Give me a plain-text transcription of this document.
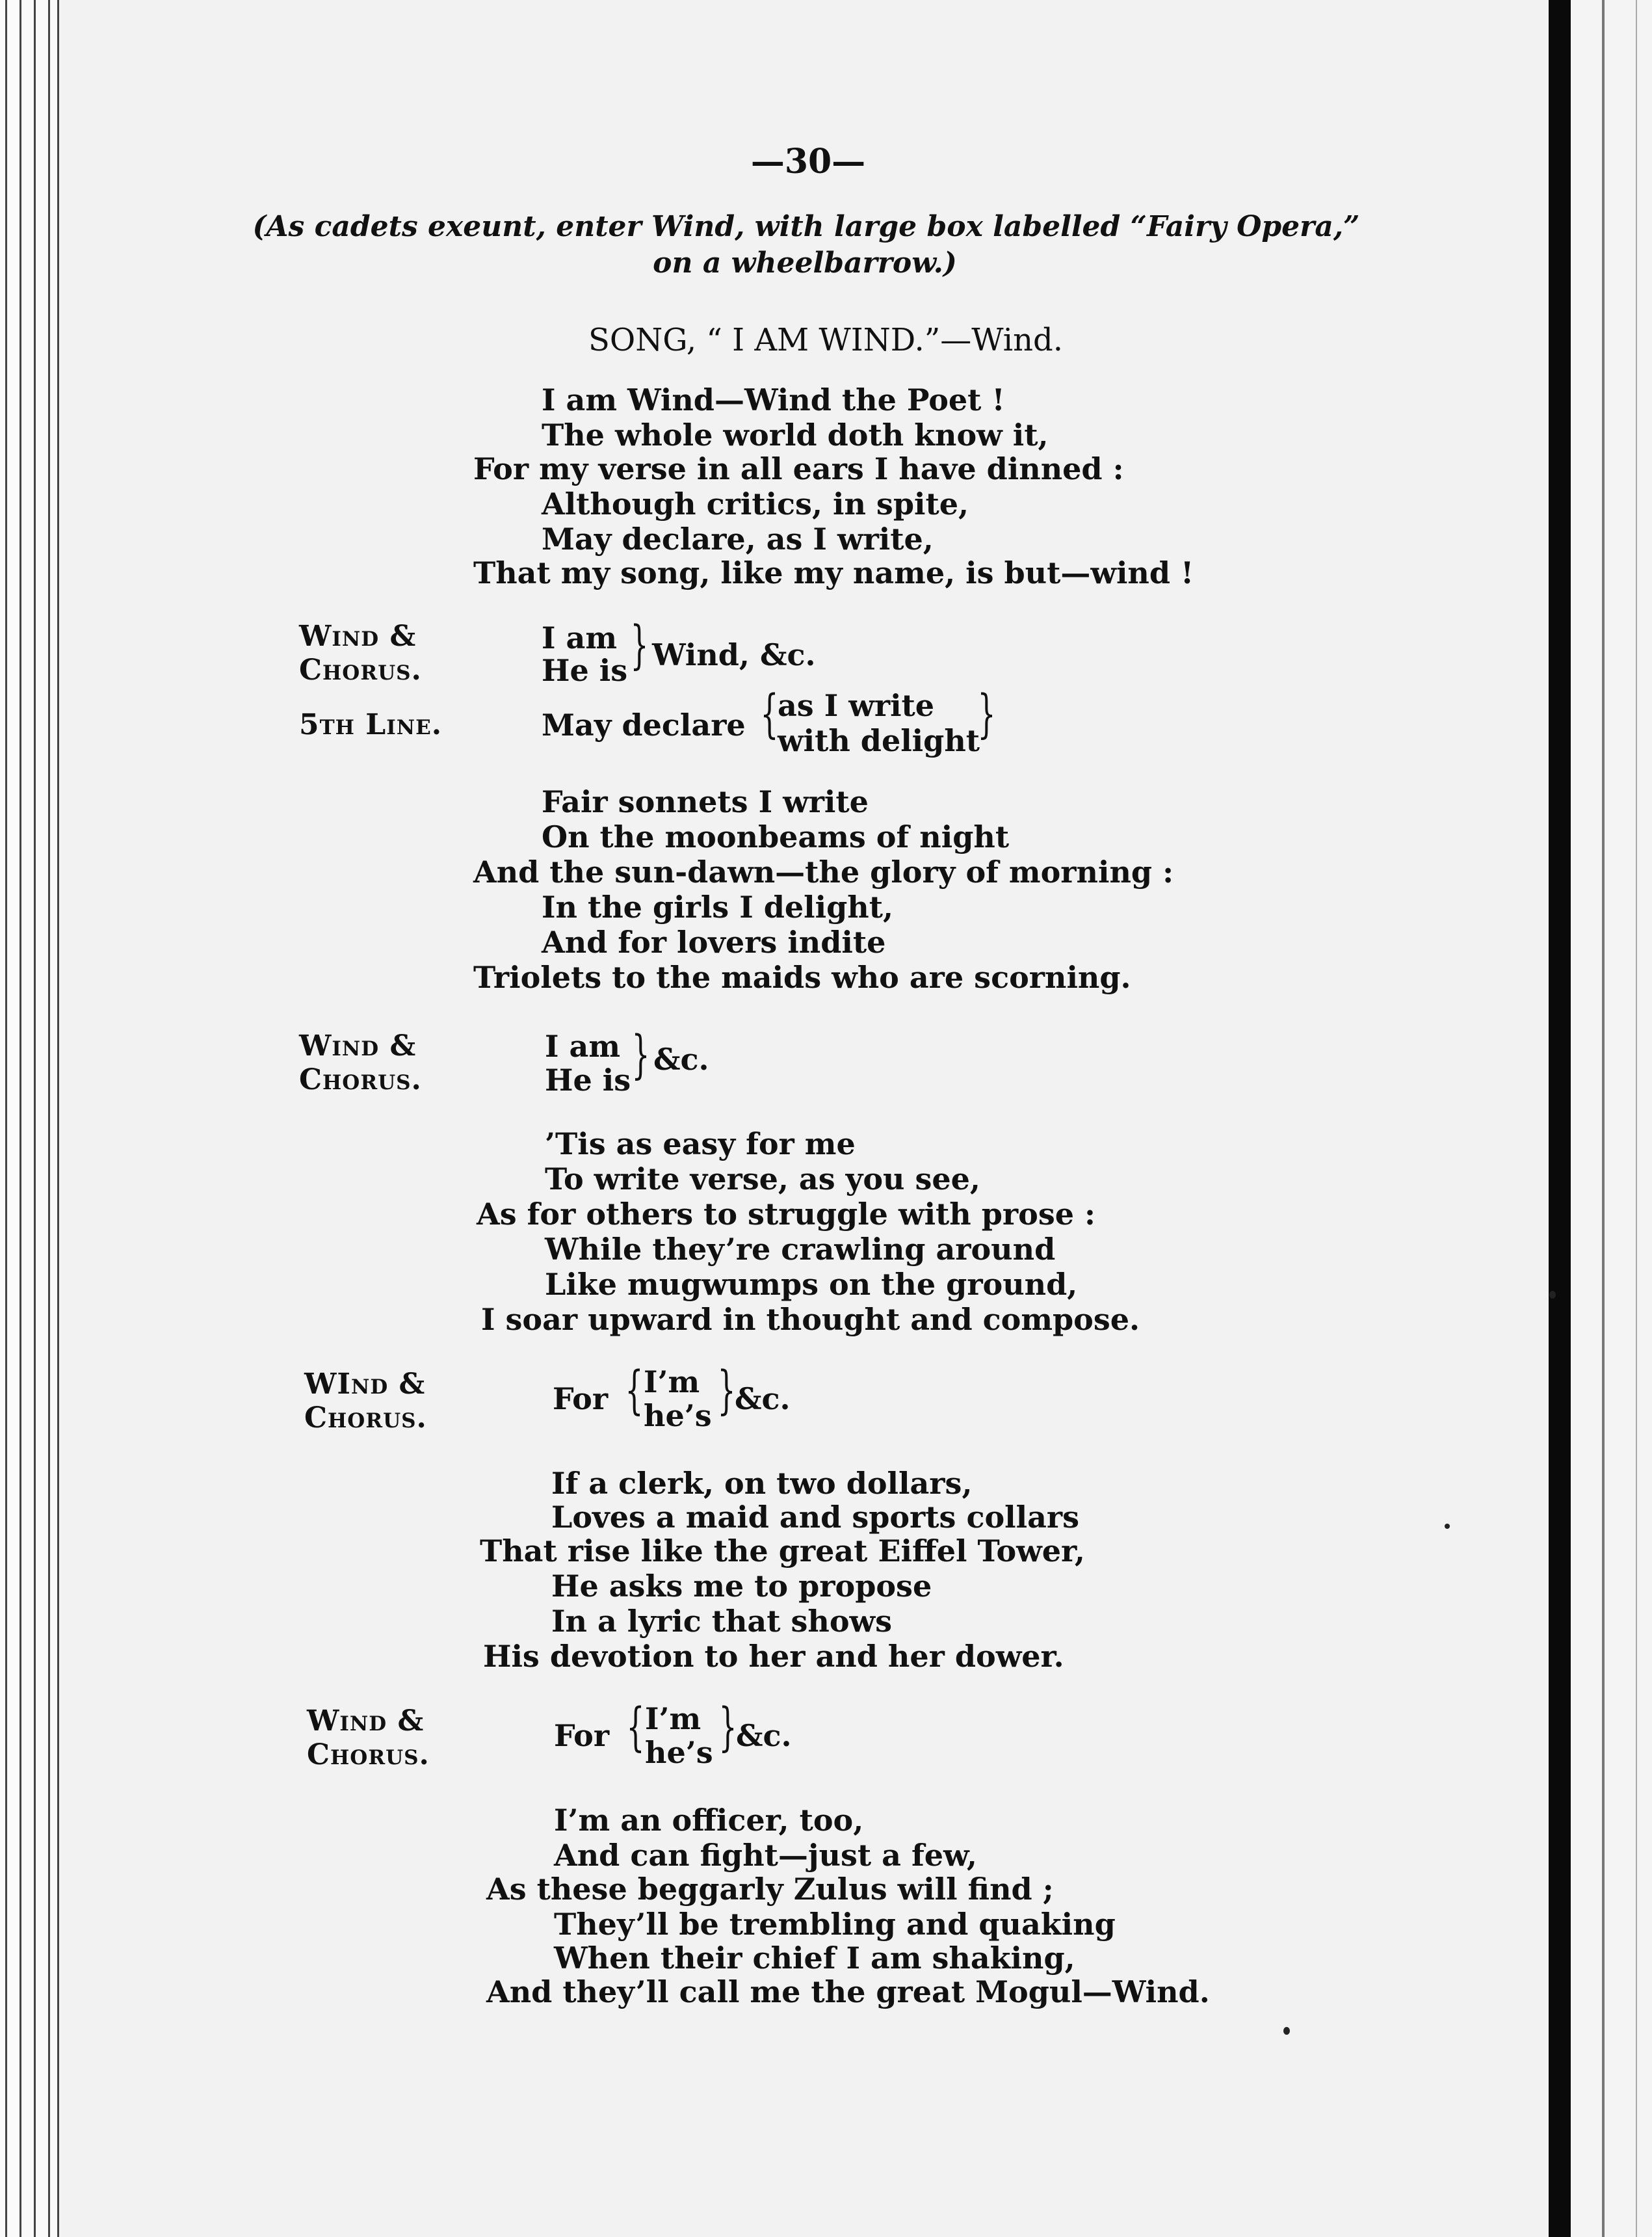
—30—
(As cadets exeunt, enter Wind, with large box labelled “Fairy Opera,”
on a wheelbarrow.)
SONG, “ I AM WIND.”—Wind.
I am Wind—Wind the Poet !
The whole world doth know it,
For my verse in all ears I have dinned :
Although critics, in spite,
May declare, as I write,
That my song, like my name, is but—wind !
Wind &
Chorus.
I am
He is } Wind, &c.
5th Line.	May declare {
as I write
with delight
}
Fair sonnets I write
On the moonbeams of night
And the sun-dawn—the glory of morning :
In the girls I delight,
And for lovers indite
Triolets to the maids who are scorning.
Wind &
Chorus.
I am
He is } &c.
’Tis as easy for me
To write verse, as you see,
As for others to struggle with prose :
While they’re crawling around
Like mugwumps on the ground,
I soar upward in thought and compose.
WInd &
Chorus.
For { I’m
he’s }
&c.
If a clerk, on two dollars,
Loves a maid and sports collars
That rise like the great Eiffel Tower,
He asks me to propose
In a lyric that shows
His devotion to her and her dower.
Wind &
Chorus.
For { I’m
he’s }
&c.
I’m an officer, too,
And can fight—just a few,
As these beggarly Zulus will find ;
They’ll be trembling and quaking
When their chief I am shaking,
And they’ll call me the great Mogul—Wind.
